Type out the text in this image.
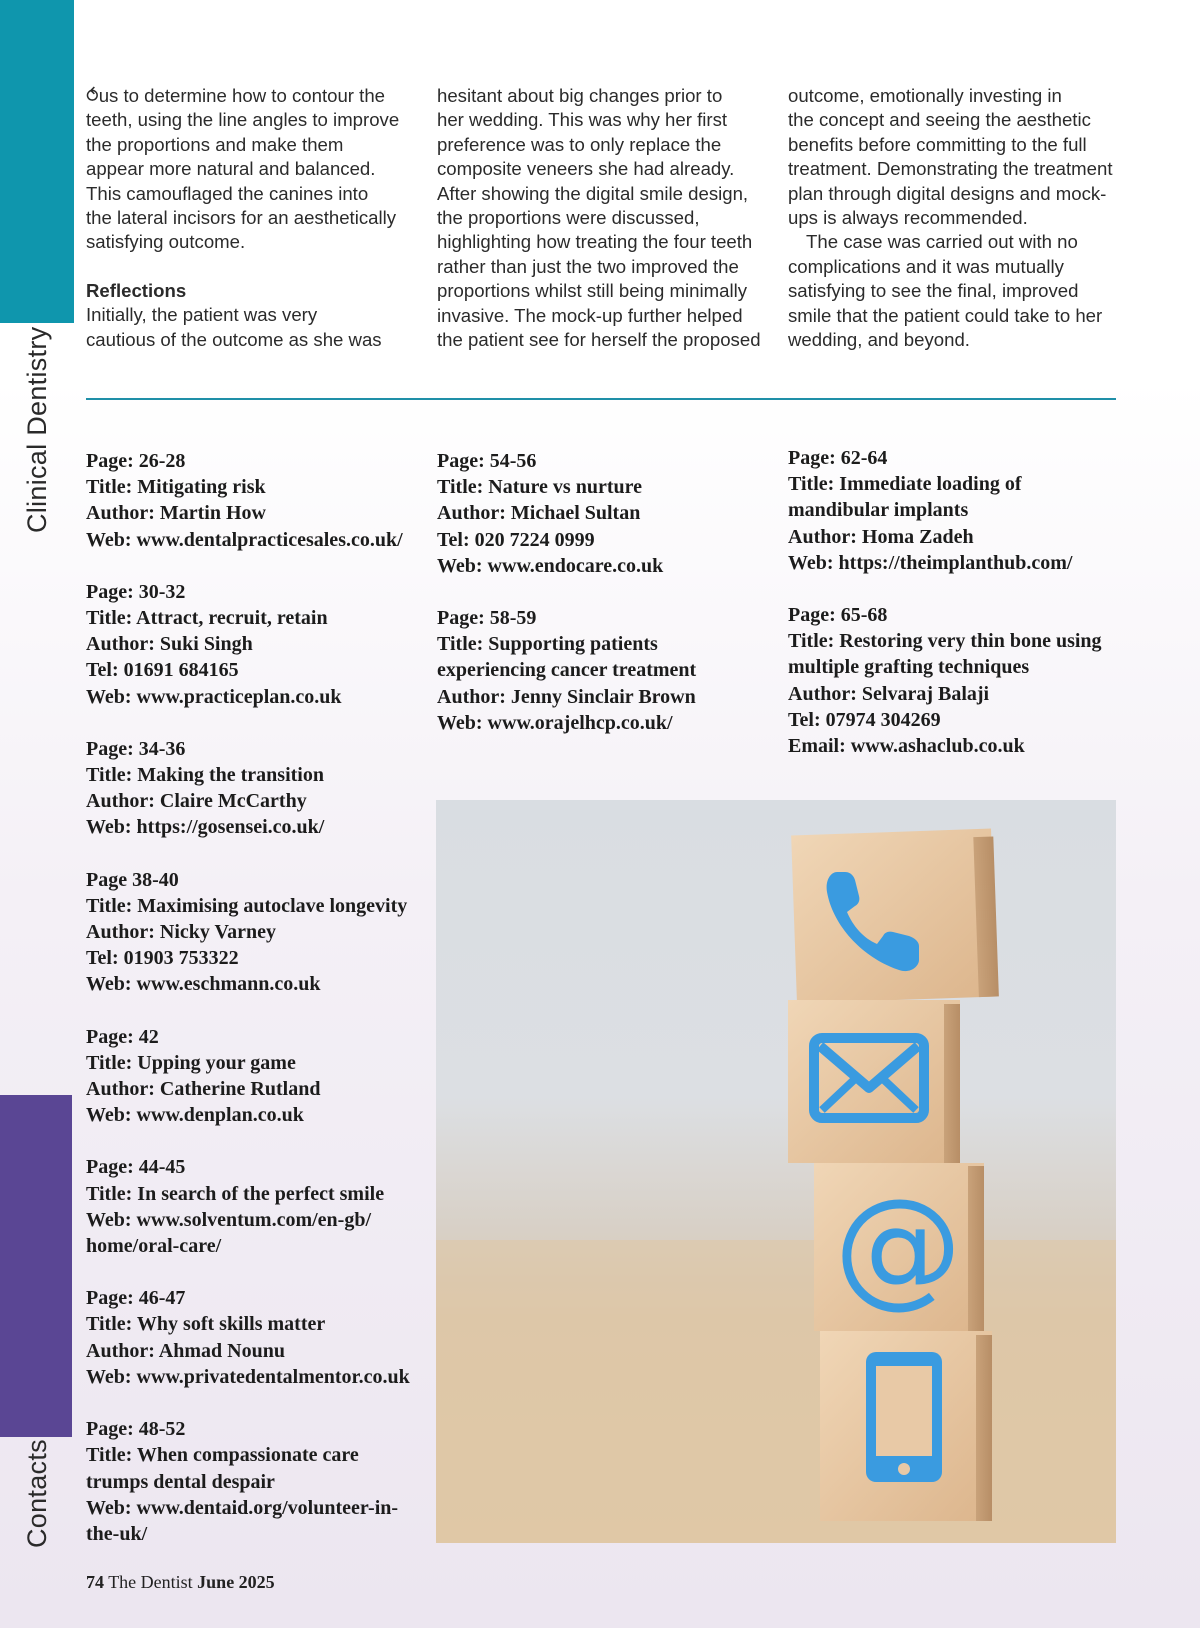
Clinical Dentistry
Contacts

⥀us to determine how to contour the
teeth, using the line angles to improve
the proportions and make them
appear more natural and balanced.
This camouflaged the canines into
the lateral incisors for an aesthetically
satisfying outcome.

Reflections

Initially, the patient was very
cautious of the outcome as she was

hesitant about big changes prior to
her wedding. This was why her first
preference was to only replace the
composite veneers she had already.
After showing the digital smile design,
the proportions were discussed,
highlighting how treating the four teeth
rather than just the two improved the
proportions whilst still being minimally
invasive. The mock-up further helped
the patient see for herself the proposed

outcome, emotionally investing in
the concept and seeing the aesthetic
benefits before committing to the full
treatment. Demonstrating the treatment
plan through digital designs and mock-
ups is always recommended.

The case was carried out with no
complications and it was mutually
satisfying to see the final, improved
smile that the patient could take to her
wedding, and beyond.

Page: 26-28
Title: Mitigating risk
Author: Martin How
Web: www.dentalpracticesales.co.uk/
Page: 30-32
Title: Attract, recruit, retain
Author: Suki Singh
Tel: 01691 684165
Web: www.practiceplan.co.uk
Page: 34-36
Title: Making the transition
Author: Claire McCarthy
Web: https://gosensei.co.uk/
Page 38-40
Title: Maximising autoclave longevity
Author: Nicky Varney
Tel: 01903 753322
Web: www.eschmann.co.uk
Page: 42
Title: Upping your game
Author: Catherine Rutland
Web: www.denplan.co.uk
Page: 44-45
Title: In search of the perfect smile
Web: www.solventum.com/en-gb/
home/oral-care/
Page: 46-47
Title: Why soft skills matter
Author: Ahmad Nounu
Web: www.privatedentalmentor.co.uk
Page: 48-52
Title: When compassionate care
trumps dental despair
Web: www.dentaid.org/volunteer-in-
the-uk/
Page: 54-56
Title: Nature vs nurture
Author: Michael Sultan
Tel: 020 7224 0999
Web: www.endocare.co.uk
Page: 58-59
Title: Supporting patients
experiencing cancer treatment
Author: Jenny Sinclair Brown
Web: www.orajelhcp.co.uk/
Page: 62-64
Title: Immediate loading of
mandibular implants
Author: Homa Zadeh
Web: https://theimplanthub.com/
Page: 65-68
Title: Restoring very thin bone using
multiple grafting techniques
Author: Selvaraj Balaji
Tel: 07974 304269
Email: www.ashaclub.co.uk
@
74 The Dentist June 2025
